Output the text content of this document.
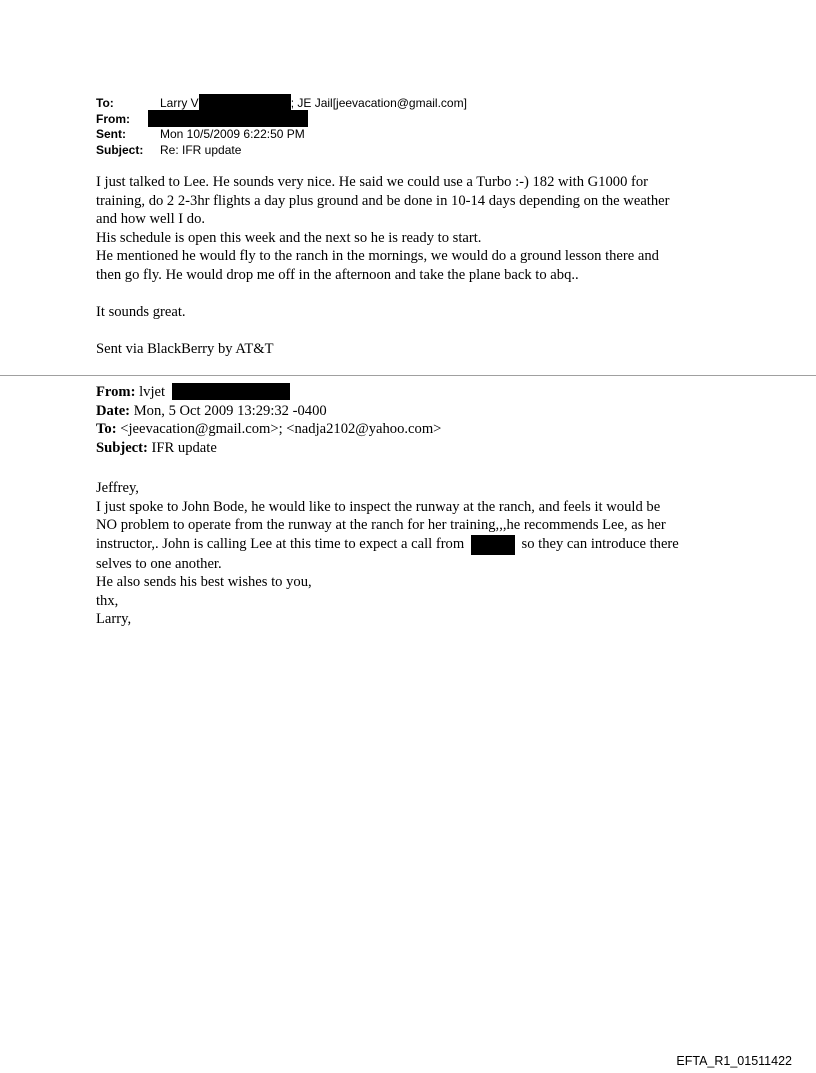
To:	Larry V	; JE Jail[jeevacation@gmail.com]
From:
Sent:	Mon 10/5/2009 6:22:50 PM
Subject:	Re: IFR update

I just talked to Lee. He sounds very nice. He said we could use a Turbo :-) 182 with G1000 for

training, do 2 2-3hr flights a day plus ground and be done in 10-14 days depending on the weather

and how well I do.

His schedule is open this week and the next so he is ready to start.

He mentioned he would fly to the ranch in the mornings, we would do a ground lesson there and

then go fly. He would drop me off in the afternoon and take the plane back to abq..

It sounds great.

Sent via BlackBerry by AT&T

From: lvjet
Date: Mon, 5 Oct 2009 13:29:32 -0400
To: <jeevacation@gmail.com>; <nadja2102@yahoo.com>
Subject: IFR update

Jeffrey,

I just spoke to John Bode, he would like to inspect the runway at the ranch, and feels it would be

NO problem to operate from the runway at the ranch for her training,,,he recommends Lee, as her

instructor,. John is calling Lee at this time to expect a call from	so they can introduce there

selves to one another.

He also sends his best wishes to you,

thx,

Larry,

EFTA_R1_01511422
